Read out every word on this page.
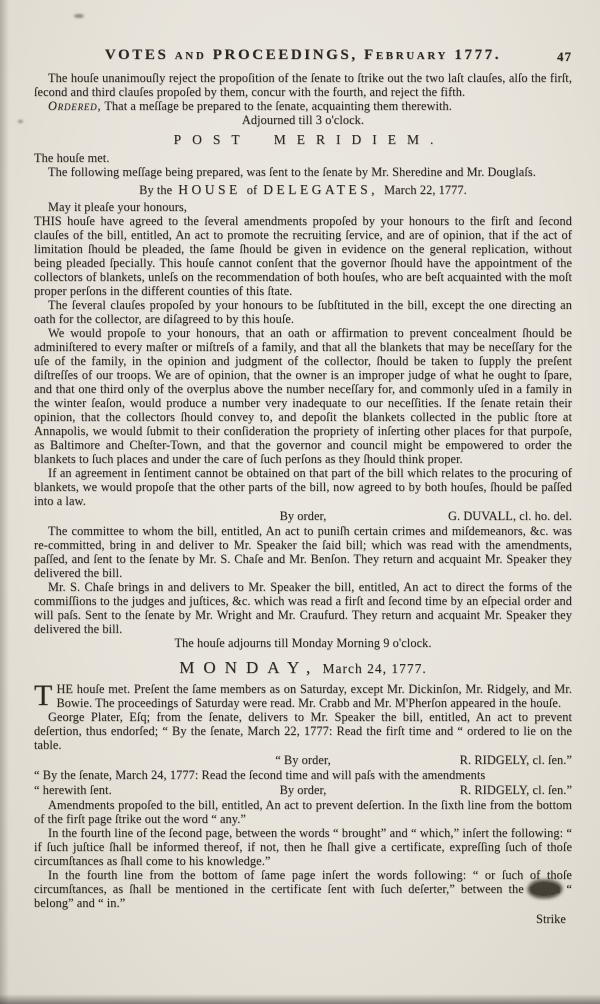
VOTES and PROCEEDINGS, February 1777.	47

The houſe unanimouſly reject the propoſition of the ſenate to ſtrike out the two laſt clauſes, alſo the firſt, ſecond and third clauſes propoſed by them, concur with the fourth, and reject the fifth.

Ordered, That a meſſage be prepared to the ſenate, acquainting them therewith.

Adjourned till 3 o'clock.

POST MERIDIEM.

The houſe met.

The following meſſage being prepared, was ſent to the ſenate by Mr. Sheredine and Mr. Douglaſs.

By the HOUSE of DELEGATES, March 22, 1777.

May it pleaſe your honours,

THIS houſe have agreed to the ſeveral amendments propoſed by your honours to the firſt and ſecond clauſes of the bill, entitled, An act to promote the recruiting ſervice, and are of opinion, that if the act of limitation ſhould be pleaded, the ſame ſhould be given in evidence on the general replication, without being pleaded ſpecially. This houſe cannot conſent that the governor ſhould have the appointment of the collectors of blankets, unleſs on the recommendation of both houſes, who are beſt acquainted with the moſt proper perſons in the different counties of this ſtate.

The ſeveral clauſes propoſed by your honours to be ſubſtituted in the bill, except the one directing an oath for the collector, are diſagreed to by this houſe.

We would propoſe to your honours, that an oath or affirmation to prevent concealment ſhould be adminiſtered to every maſter or miſtreſs of a family, and that all the blankets that may be neceſſary for the uſe of the family, in the opinion and judgment of the collector, ſhould be taken to ſupply the preſent diſtreſſes of our troops. We are of opinion, that the owner is an improper judge of what he ought to ſpare, and that one third only of the overplus above the number neceſſary for, and commonly uſed in a family in the winter ſeaſon, would produce a number very inadequate to our neceſſities. If the ſenate retain their opinion, that the collectors ſhould convey to, and depoſit the blankets collected in the public ſtore at Annapolis, we would ſubmit to their conſideration the propriety of inſerting other places for that purpoſe, as Baltimore and Cheſter-Town, and that the governor and council might be empowered to order the blankets to ſuch places and under the care of ſuch perſons as they ſhould think proper.

If an agreement in ſentiment cannot be obtained on that part of the bill which relates to the procuring of blankets, we would propoſe that the other parts of the bill, now agreed to by both houſes, ſhould be paſſed into a law.

By order,	G. DUVALL, cl. ho. del.

The committee to whom the bill, entitled, An act to puniſh certain crimes and miſdemeanors, &c. was re-committed, bring in and deliver to Mr. Speaker the ſaid bill; which was read with the amendments, paſſed, and ſent to the ſenate by Mr. S. Chaſe and Mr. Benſon. They return and acquaint Mr. Speaker they delivered the bill.

Mr. S. Chaſe brings in and delivers to Mr. Speaker the bill, entitled, An act to direct the forms of the commiſſions to the judges and juſtices, &c. which was read a firſt and ſecond time by an eſpecial order and will paſs. Sent to the ſenate by Mr. Wright and Mr. Craufurd. They return and acquaint Mr. Speaker they delivered the bill.

The houſe adjourns till Monday Morning 9 o'clock.

MONDAY, March 24, 1777.

THE houſe met. Preſent the ſame members as on Saturday, except Mr. Dickinſon, Mr. Ridgely, and Mr. Bowie. The proceedings of Saturday were read. Mr. Crabb and Mr. M'Pherſon appeared in the houſe.

George Plater, Eſq; from the ſenate, delivers to Mr. Speaker the bill, entitled, An act to prevent deſertion, thus endorſed; “ By the ſenate, March 22, 1777: Read the firſt time and “ ordered to lie on the table.

“ By order,	R. RIDGELY, cl. ſen.”

“ By the ſenate, March 24, 1777: Read the ſecond time and will paſs with the amendments

“ herewith ſent.	By order,	R. RIDGELY, cl. ſen.”

Amendments propoſed to the bill, entitled, An act to prevent deſertion. In the ſixth line from the bottom of the firſt page ſtrike out the word “ any.”

In the fourth line of the ſecond page, between the words “ brought” and “ which,” inſert the following: “ if ſuch juſtice ſhall be informed thereof, if not, then he ſhall give a certificate, expreſſing ſuch of thoſe circumſtances as ſhall come to his knowledge.”

In the fourth line from the bottom of ſame page inſert the words following: “ or ſuch of thoſe circumſtances, as ſhall be mentioned in the certificate ſent with ſuch deſerter,” between the words “ belong” and “ in.”

Strike
